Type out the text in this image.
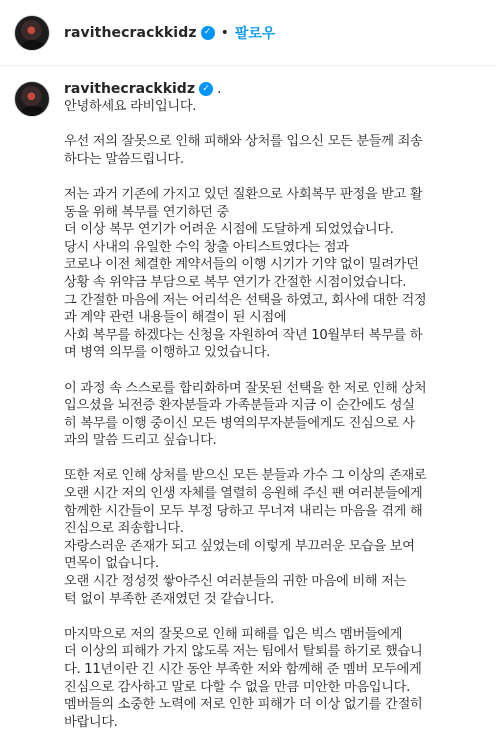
ravithecrackkidz ✓ • 팔로우
ravithecrackkidz ✓ .
안녕하세요 라비입니다.

우선 저의 잘못으로 인해 피해와 상처를 입으신 모든 분들께 죄송
하다는 말씀드립니다.

저는 과거 기존에 가지고 있던 질환으로 사회복무 판정을 받고 활
동을 위해 복무를 연기하던 중
더 이상 복무 연기가 어려운 시점에 도달하게 되었었습니다.
당시 사내의 유일한 수익 창출 아티스트였다는 점과
코로나 이전 체결한 계약서들의 이행 시기가 기약 없이 밀려가던
상황 속 위약금 부담으로 복무 연기가 간절한 시점이었습니다.
그 간절한 마음에 저는 어리석은 선택을 하였고, 회사에 대한 걱정
과 계약 관련 내용들이 해결이 된 시점에
사회 복무를 하겠다는 신청을 자원하여 작년 10월부터 복무를 하
며 병역 의무를 이행하고 있었습니다.

이 과정 속 스스로를 합리화하며 잘못된 선택을 한 저로 인해 상처
입으셨을 뇌전증 환자분들과 가족분들과 지금 이 순간에도 성실
히 복무를 이행 중이신 모든 병역의무자분들에게도 진심으로 사
과의 말씀 드리고 싶습니다.

또한 저로 인해 상처를 받으신 모든 분들과 가수 그 이상의 존재로
오랜 시간 저의 인생 자체를 열렬히 응원해 주신 팬 여러분들에게
함께한 시간들이 모두 부정 당하고 무너져 내리는 마음을 겪게 해
진심으로 죄송합니다.
자랑스러운 존재가 되고 싶었는데 이렇게 부끄러운 모습을 보여
면목이 없습니다.
오랜 시간 정성껏 쌓아주신 여러분들의 귀한 마음에 비해 저는
턱 없이 부족한 존재였던 것 같습니다.

마지막으로 저의 잘못으로 인해 피해를 입은 빅스 멤버들에게
더 이상의 피해가 가지 않도록 저는 팀에서 탈퇴를 하기로 했습니
다. 11년이란 긴 시간 동안 부족한 저와 함께해 준 멤버 모두에게
진심으로 감사하고 말로 다할 수 없을 만큼 미안한 마음입니다.
멤버들의 소중한 노력에 저로 인한 피해가 더 이상 없기를 간절히
바랍니다.
